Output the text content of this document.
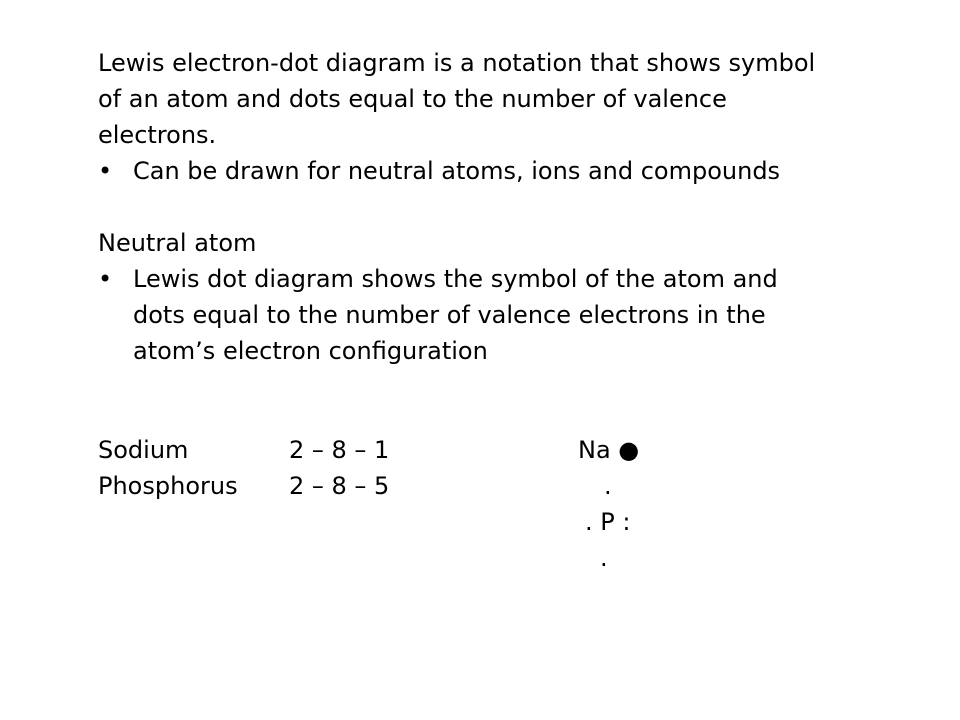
Lewis electron-dot diagram is a notation that shows symbol

of an atom and dots equal to the number of valence

electrons.

• Can be drawn for neutral atoms, ions and compounds

Neutral atom

• Lewis dot diagram shows the symbol of the atom and
dots equal to the number of valence electrons in the
atom’s electron configuration
Sodium	2 – 8 – 1	Na ●
Phosphorus 2 – 8 – 5	.
. P :
.
